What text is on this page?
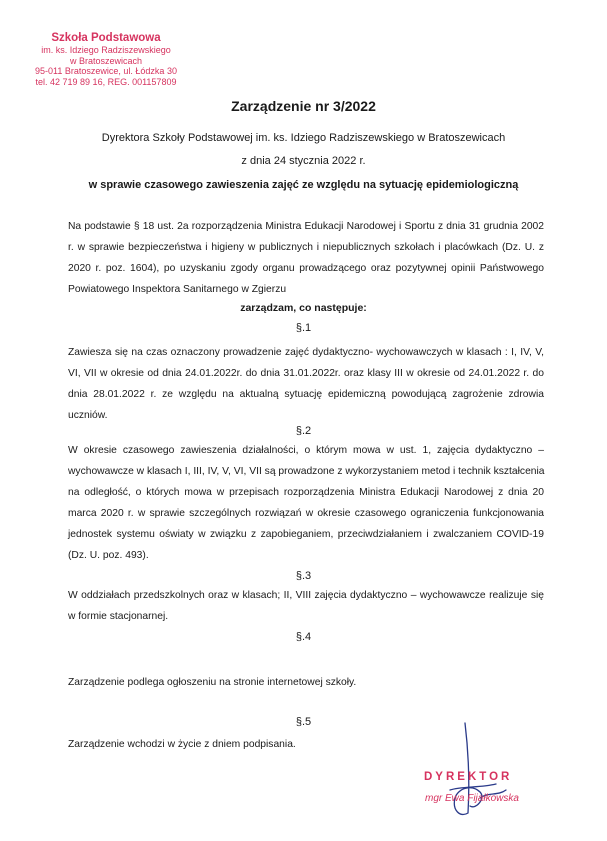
Szkoła Podstawowa
im. ks. Idziego Radziszewskiego
w Bratoszewicach
95-011 Bratoszewice, ul. Łódzka 30
tel. 42 719 89 16, REG. 001157809
Zarządzenie nr 3/2022
Dyrektora Szkoły Podstawowej im. ks. Idziego Radziszewskiego w Bratoszewicach
z dnia 24 stycznia 2022 r.
w sprawie czasowego zawieszenia zajęć ze względu na sytuację epidemiologiczną
Na podstawie § 18 ust. 2a rozporządzenia Ministra Edukacji Narodowej i Sportu z dnia 31 grudnia 2002
r. w sprawie bezpieczeństwa i higieny w publicznych i niepublicznych szkołach i placówkach (Dz. U. z
2020 r. poz. 1604), po uzyskaniu zgody organu prowadzącego oraz pozytywnej opinii Państwowego
Powiatowego Inspektora Sanitarnego w Zgierzu
zarządzam, co następuje:
§.1
Zawiesza się na czas oznaczony prowadzenie zajęć dydaktyczno- wychowawczych w klasach : I, IV, V,
VI, VII w okresie od dnia 24.01.2022r. do dnia 31.01.2022r. oraz klasy III w okresie od 24.01.2022 r. do
dnia 28.01.2022 r. ze względu na aktualną sytuację epidemiczną powodującą zagrożenie zdrowia
uczniów.
§.2
W okresie czasowego zawieszenia działalności, o którym mowa w ust. 1, zajęcia dydaktyczno –
wychowawcze w klasach I, III, IV, V, VI, VII są prowadzone z wykorzystaniem metod i technik kształcenia
na odległość, o których mowa w przepisach rozporządzenia Ministra Edukacji Narodowej z dnia 20
marca 2020 r. w sprawie szczególnych rozwiązań w okresie czasowego ograniczenia funkcjonowania
jednostek systemu oświaty w związku z zapobieganiem, przeciwdziałaniem i zwalczaniem COVID-19
(Dz. U. poz. 493).
§.3
W oddziałach przedszkolnych oraz w klasach; II, VIII zajęcia dydaktyczno – wychowawcze realizuje się
w formie stacjonarnej.
§.4
Zarządzenie podlega ogłoszeniu na stronie internetowej szkoły.
§.5
Zarządzenie wchodzi w życie z dniem podpisania.
DYREKTOR
mgr Ewa Fijałkowska
